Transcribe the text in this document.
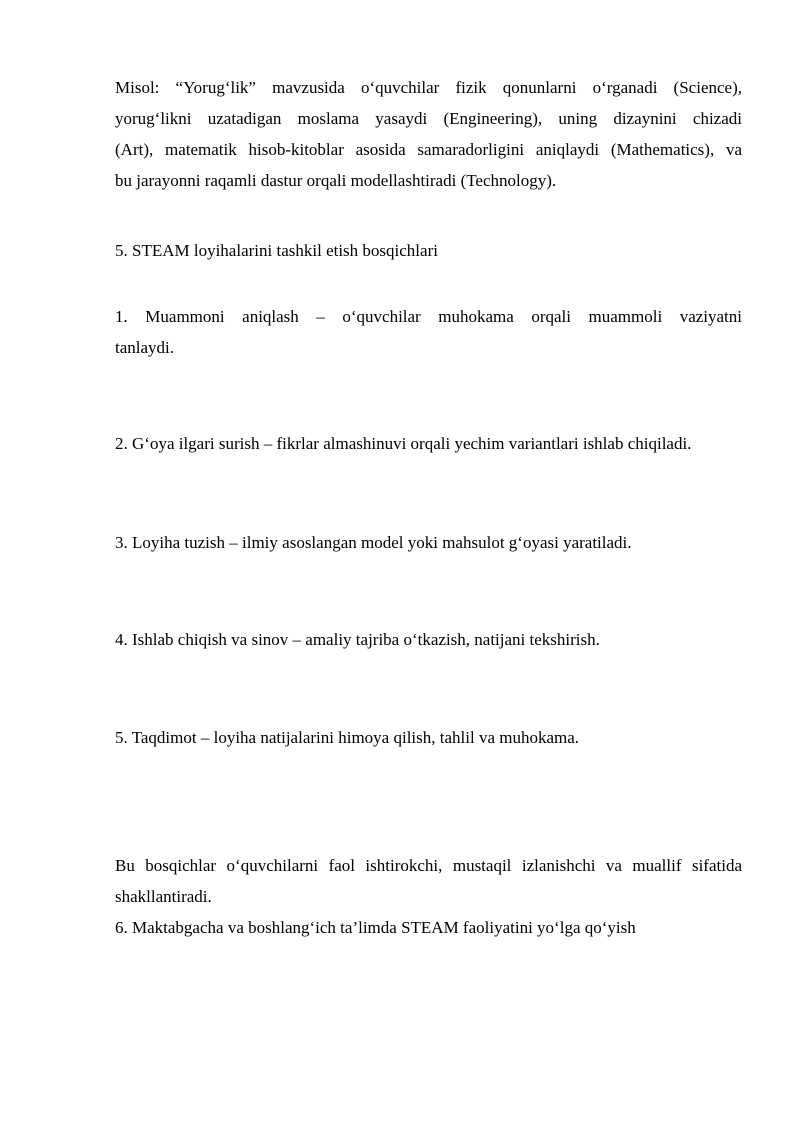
Misol: “Yorug‘lik” mavzusida o‘quvchilar fizik qonunlarni o‘rganadi (Science),
yorug‘likni uzatadigan moslama yasaydi (Engineering), uning dizaynini chizadi
(Art), matematik hisob-kitoblar asosida samaradorligini aniqlaydi (Mathematics), va
bu jarayonni raqamli dastur orqali modellashtiradi (Technology).
5. STEAM loyihalarini tashkil etish bosqichlari
1. Muammoni aniqlash – o‘quvchilar muhokama orqali muammoli vaziyatni
tanlaydi.
2. G‘oya ilgari surish – fikrlar almashinuvi orqali yechim variantlari ishlab chiqiladi.
3. Loyiha tuzish – ilmiy asoslangan model yoki mahsulot g‘oyasi yaratiladi.
4. Ishlab chiqish va sinov – amaliy tajriba o‘tkazish, natijani tekshirish.
5. Taqdimot – loyiha natijalarini himoya qilish, tahlil va muhokama.
Bu bosqichlar o‘quvchilarni faol ishtirokchi, mustaqil izlanishchi va muallif sifatida
shakllantiradi.
6. Maktabgacha va boshlang‘ich ta’limda STEAM faoliyatini yo‘lga qo‘yish
